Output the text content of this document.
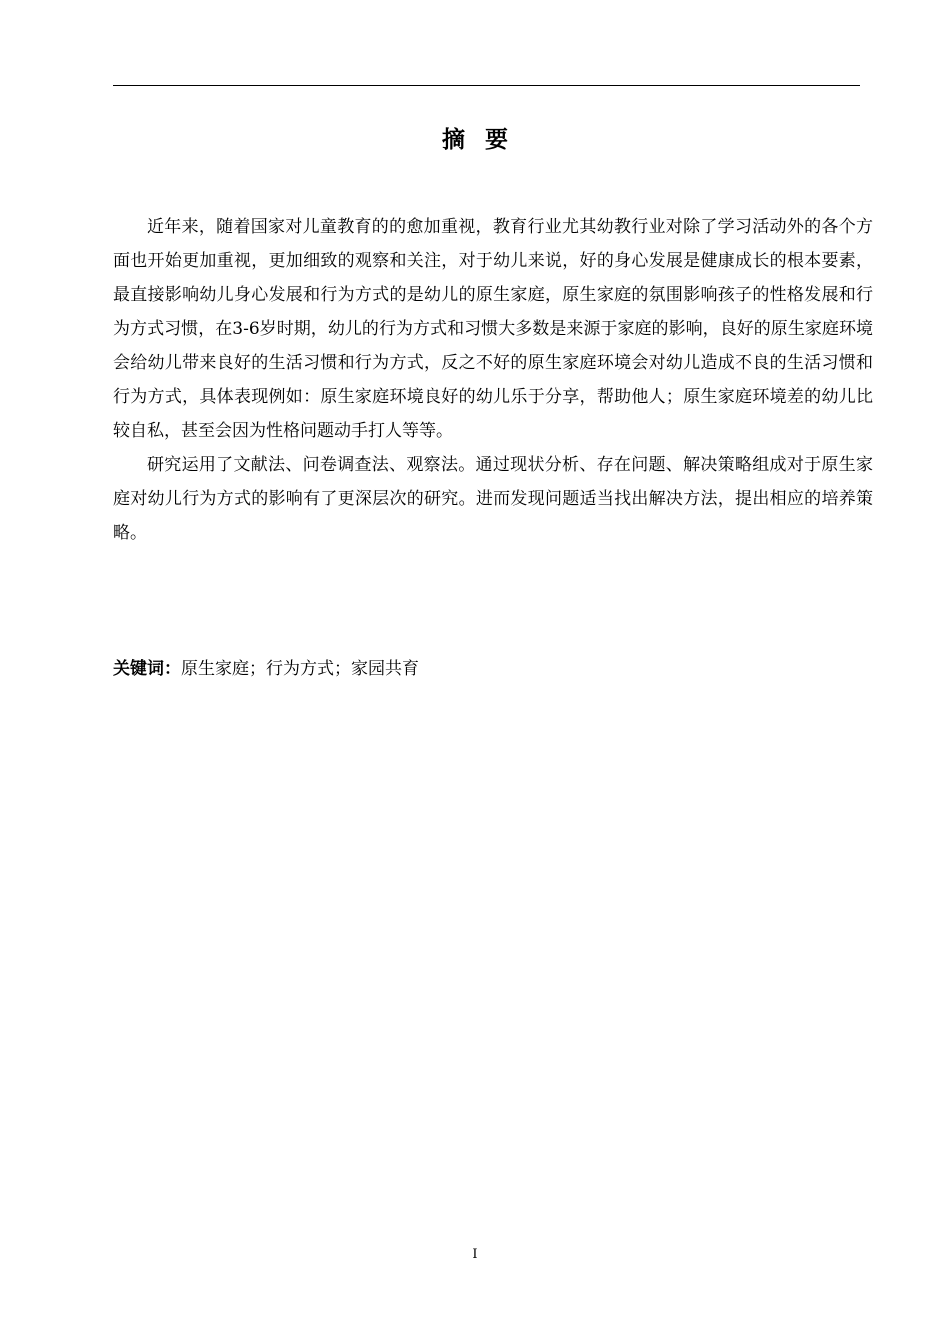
摘要

近年来，随着国家对儿童教育的的愈加重视，教育行业尤其幼教行业对除了学习活动外的各个方面也开始更加重视，更加细致的观察和关注，对于幼儿来说，好的身心发展是健康成长的根本要素，最直接影响幼儿身心发展和行为方式的是幼儿的原生家庭，原生家庭的氛围影响孩子的性格发展和行为方式习惯，在3-6岁时期，幼儿的行为方式和习惯大多数是来源于家庭的影响，良好的原生家庭环境会给幼儿带来良好的生活习惯和行为方式，反之不好的原生家庭环境会对幼儿造成不良的生活习惯和行为方式，具体表现例如：原生家庭环境良好的幼儿乐于分享，帮助他人；原生家庭环境差的幼儿比较自私，甚至会因为性格问题动手打人等等。

研究运用了文献法、问卷调查法、观察法。通过现状分析、存在问题、解决策略组成对于原生家庭对幼儿行为方式的影响有了更深层次的研究。进而发现问题适当找出解决方法，提出相应的培养策略。

关键词：原生家庭；行为方式；家园共育
I
